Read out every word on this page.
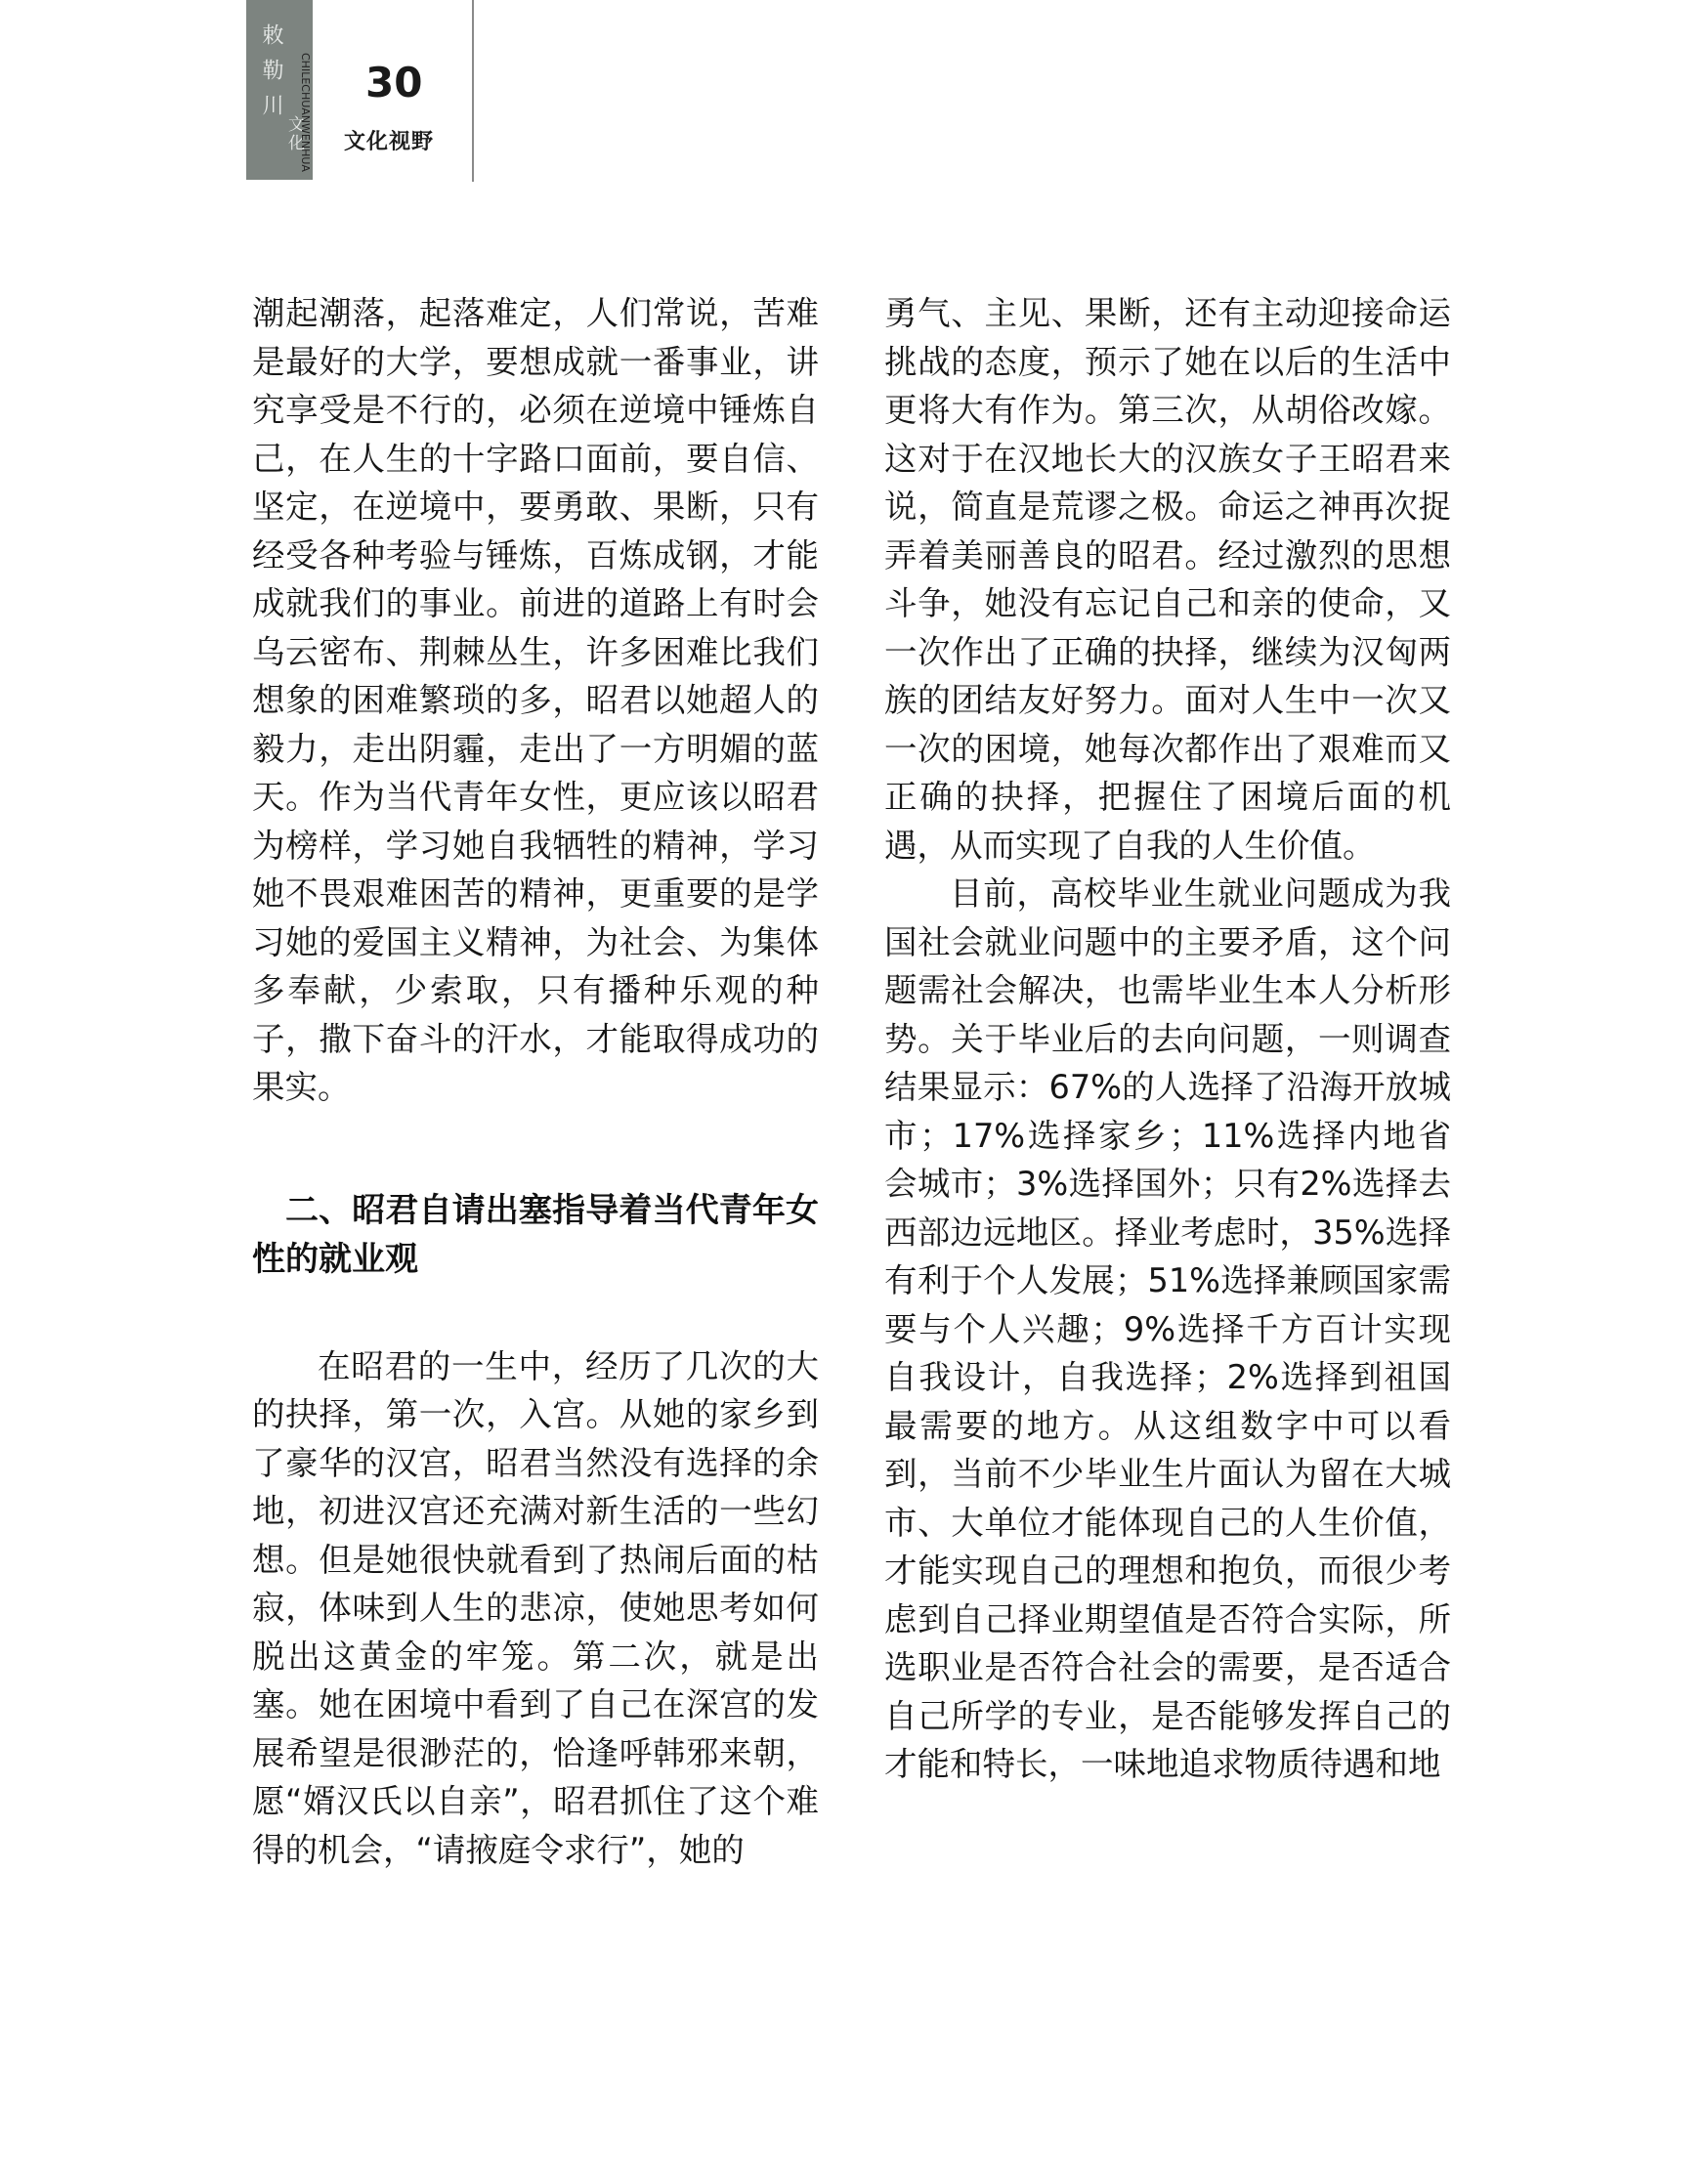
敕勒川
文化
CHILECHUANWENHUA 30
文化视野

潮起潮落，起落难定，人们常说，苦难是最好的大学，要想成就一番事业，讲究享受是不行的，必须在逆境中锤炼自己，在人生的十字路口面前，要自信、坚定，在逆境中，要勇敢、果断，只有经受各种考验与锤炼，百炼成钢，才能成就我们的事业。前进的道路上有时会乌云密布、荆棘丛生，许多困难比我们想象的困难繁琐的多，昭君以她超人的毅力，走出阴霾，走出了一方明媚的蓝天。作为当代青年女性，更应该以昭君为榜样，学习她自我牺牲的精神，学习她不畏艰难困苦的精神，更重要的是学习她的爱国主义精神，为社会、为集体多奉献，少索取，只有播种乐观的种子，撒下奋斗的汗水，才能取得成功的果实。

二、昭君自请出塞指导着当代青年女性的就业观

在昭君的一生中，经历了几次的大的抉择，第一次，入宫。从她的家乡到了豪华的汉宫，昭君当然没有选择的余地，初进汉宫还充满对新生活的一些幻想。但是她很快就看到了热闹后面的枯寂，体味到人生的悲凉，使她思考如何脱出这黄金的牢笼。第二次，就是出塞。她在困境中看到了自己在深宫的发展希望是很渺茫的，恰逢呼韩邪来朝，愿“婿汉氏以自亲”，昭君抓住了这个难得的机会，“请掖庭令求行”，她的

勇气、主见、果断，还有主动迎接命运挑战的态度，预示了她在以后的生活中更将大有作为。第三次，从胡俗改嫁。这对于在汉地长大的汉族女子王昭君来说，简直是荒谬之极。命运之神再次捉弄着美丽善良的昭君。经过激烈的思想斗争，她没有忘记自己和亲的使命，又一次作出了正确的抉择，继续为汉匈两族的团结友好努力。面对人生中一次又一次的困境，她每次都作出了艰难而又正确的抉择，把握住了困境后面的机遇，从而实现了自我的人生价值。

目前，高校毕业生就业问题成为我国社会就业问题中的主要矛盾，这个问题需社会解决，也需毕业生本人分析形势。关于毕业后的去向问题，一则调查结果显示：67%的人选择了沿海开放城市；17%选择家乡；11%选择内地省会城市；3%选择国外；只有2%选择去西部边远地区。择业考虑时，35%选择有利于个人发展；51%选择兼顾国家需要与个人兴趣；9%选择千方百计实现自我设计，自我选择；2%选择到祖国最需要的地方。从这组数字中可以看到，当前不少毕业生片面认为留在大城市、大单位才能体现自己的人生价值，才能实现自己的理想和抱负，而很少考虑到自己择业期望值是否符合实际，所选职业是否符合社会的需要，是否适合自己所学的专业，是否能够发挥自己的才能和特长，一味地追求物质待遇和地
